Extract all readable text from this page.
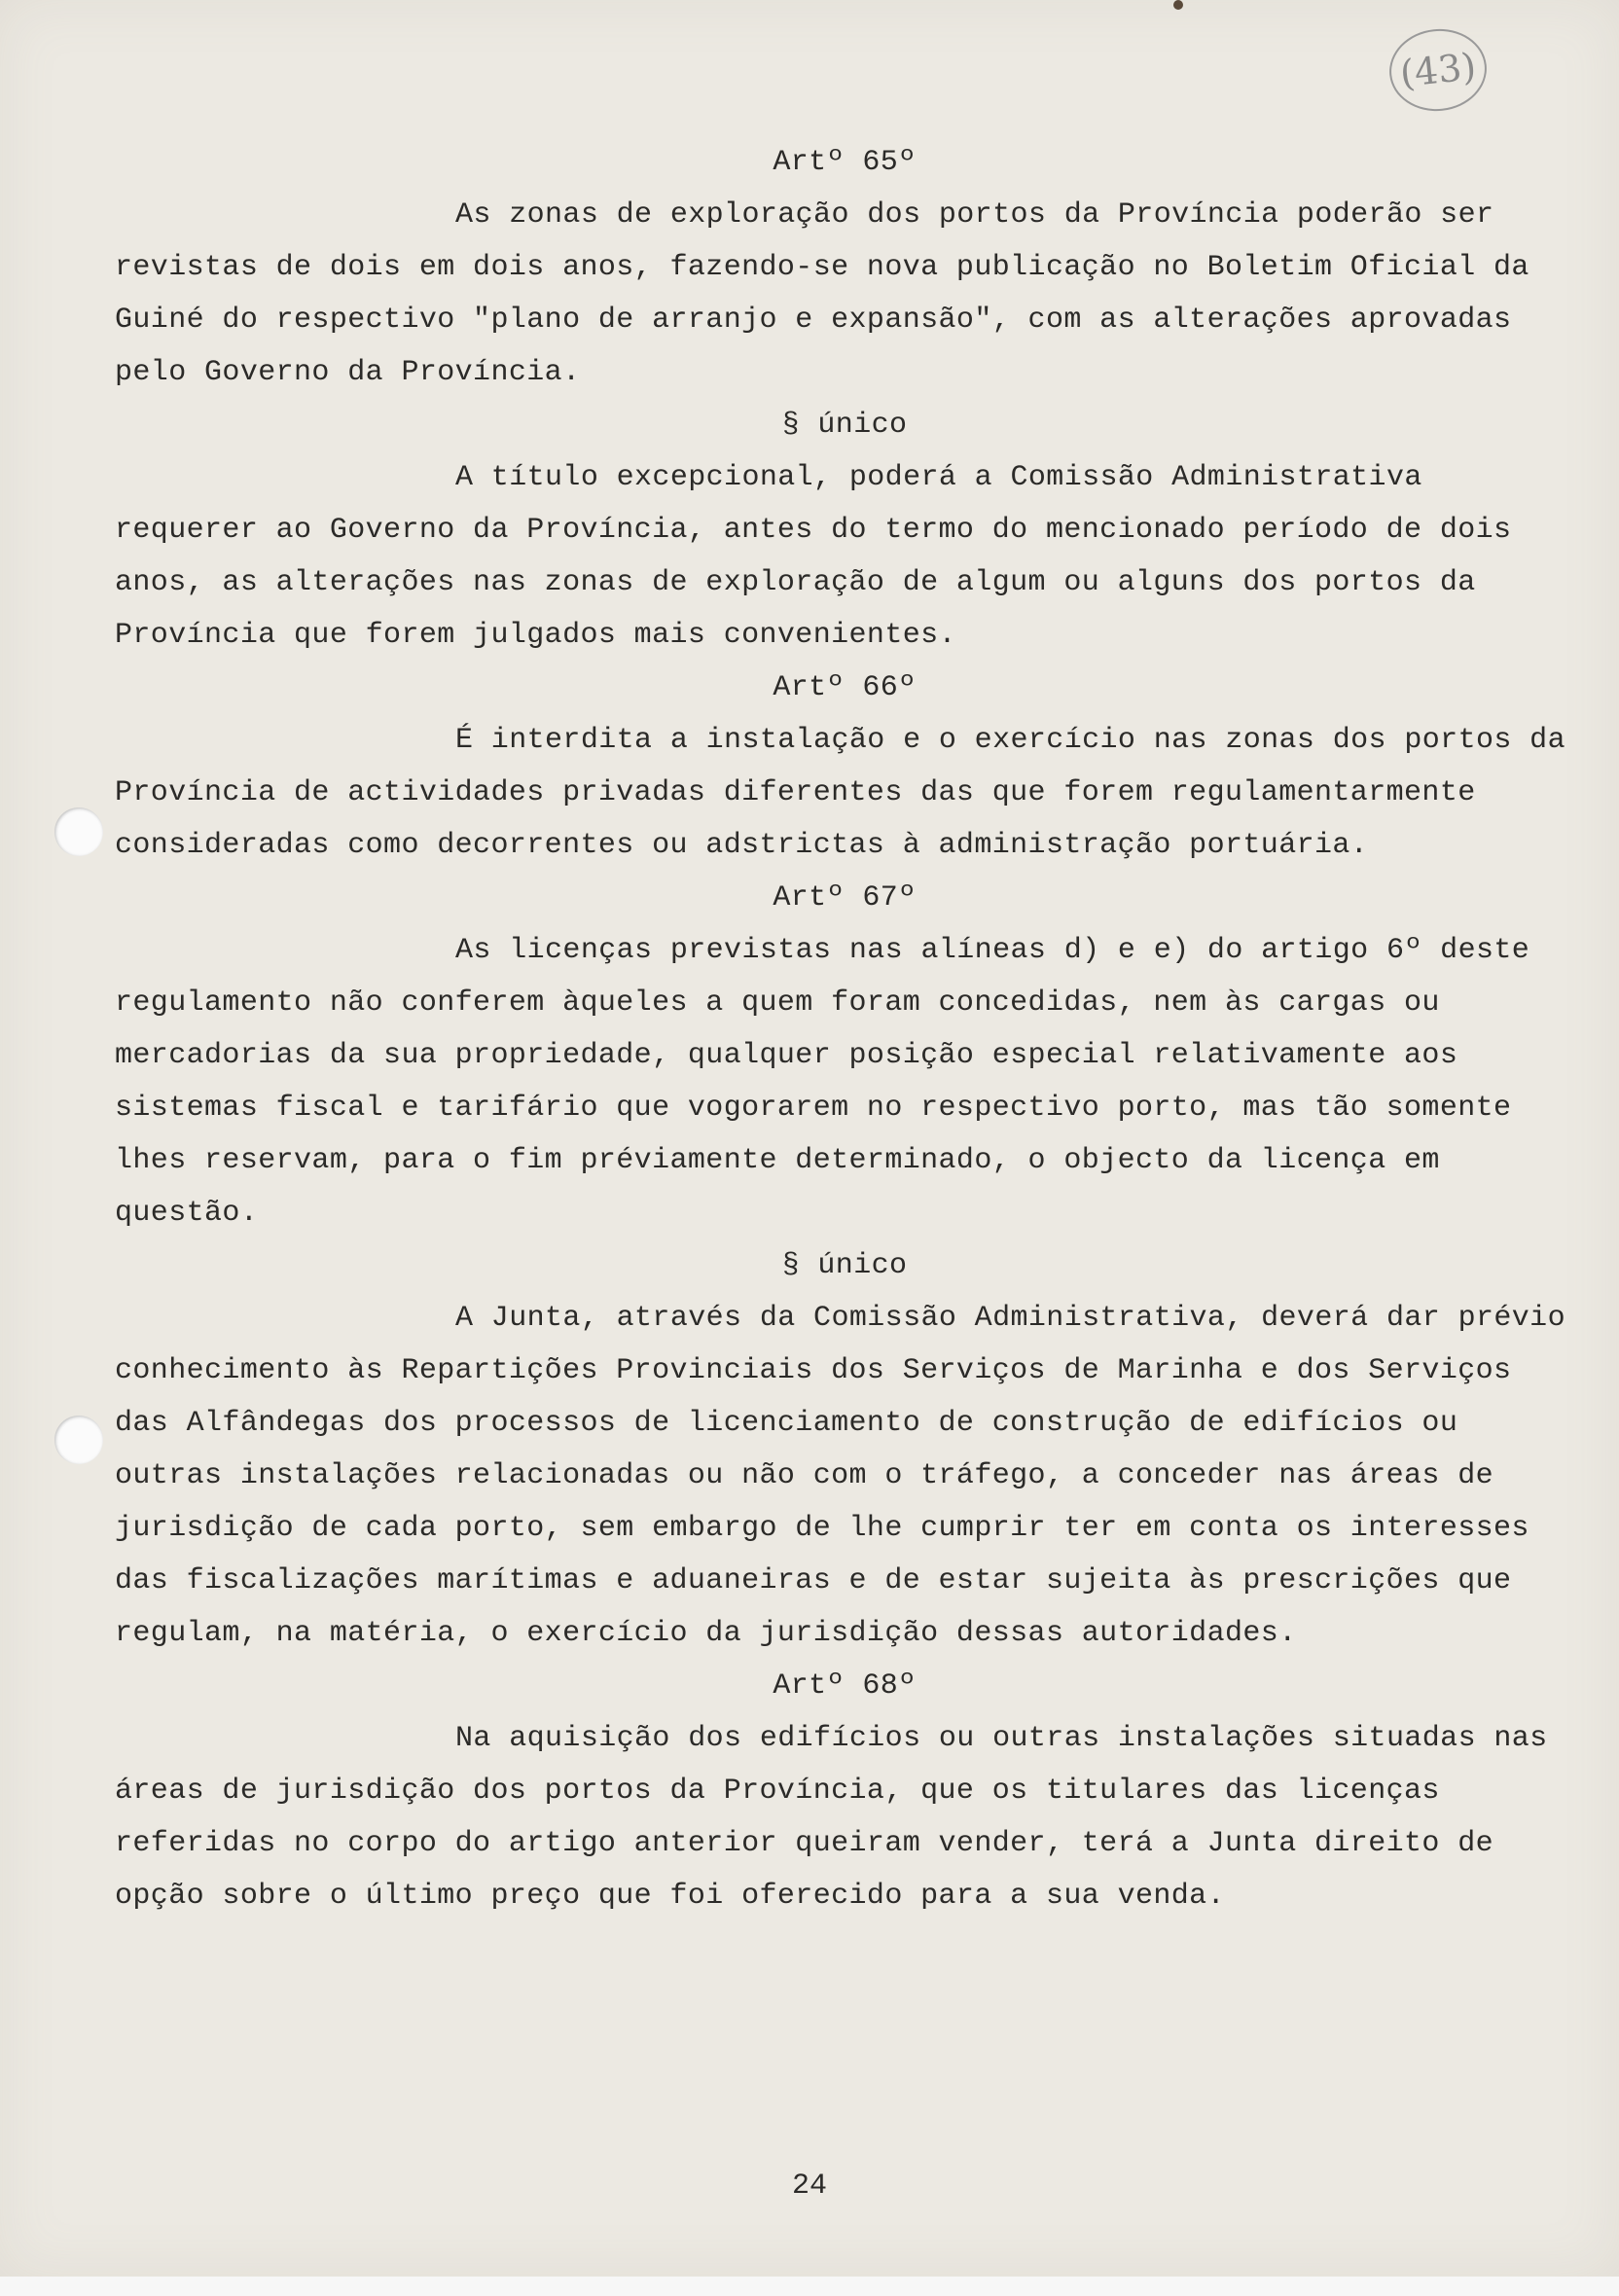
(43)
Artº 65º

As zonas de exploração dos portos da Província poderão ser revistas de dois em dois anos, fazendo-se nova publicação no Boletim Oficial da Guiné do respectivo "plano de arranjo e expansão", com as alterações aprovadas pelo Governo da Província.

§ único

A título excepcional, poderá a Comissão Administrativa requerer ao Governo da Província, antes do termo do mencionado período de dois anos, as alterações nas zonas de exploração de algum ou alguns dos portos da Província que forem julgados mais convenientes.

Artº 66º

É interdita a instalação e o exercício nas zonas dos portos da Província de actividades privadas diferentes das que forem regulamentarmente consideradas como decorrentes ou adstrictas à administração portuária.

Artº 67º

As licenças previstas nas alíneas d) e e) do artigo 6º deste regulamento não conferem àqueles a quem foram concedidas, nem às cargas ou mercadorias da sua propriedade, qualquer posição especial relativamente aos sistemas fiscal e tarifário que vogorarem no respectivo porto, mas tão somente lhes reservam, para o fim préviamente determinado, o objecto da licença em questão.

§ único

A Junta, através da Comissão Administrativa, deverá dar prévio conhecimento às Repartições Provinciais dos Serviços de Marinha e dos Serviços das Alfândegas dos processos de licenciamento de construção de edifícios ou outras instalações relacionadas ou não com o tráfego, a conceder nas áreas de jurisdição de cada porto, sem embargo de lhe cumprir ter em conta os interesses das fiscalizações marítimas e aduaneiras e de estar sujeita às prescrições que regulam, na matéria, o exercício da jurisdição dessas autoridades.

Artº 68º

Na aquisição dos edifícios ou outras instalações situadas nas áreas de jurisdição dos portos da Província, que os titulares das licenças referidas no corpo do artigo anterior queiram vender, terá a Junta direito de opção sobre o último preço que foi oferecido para a sua venda.

24
